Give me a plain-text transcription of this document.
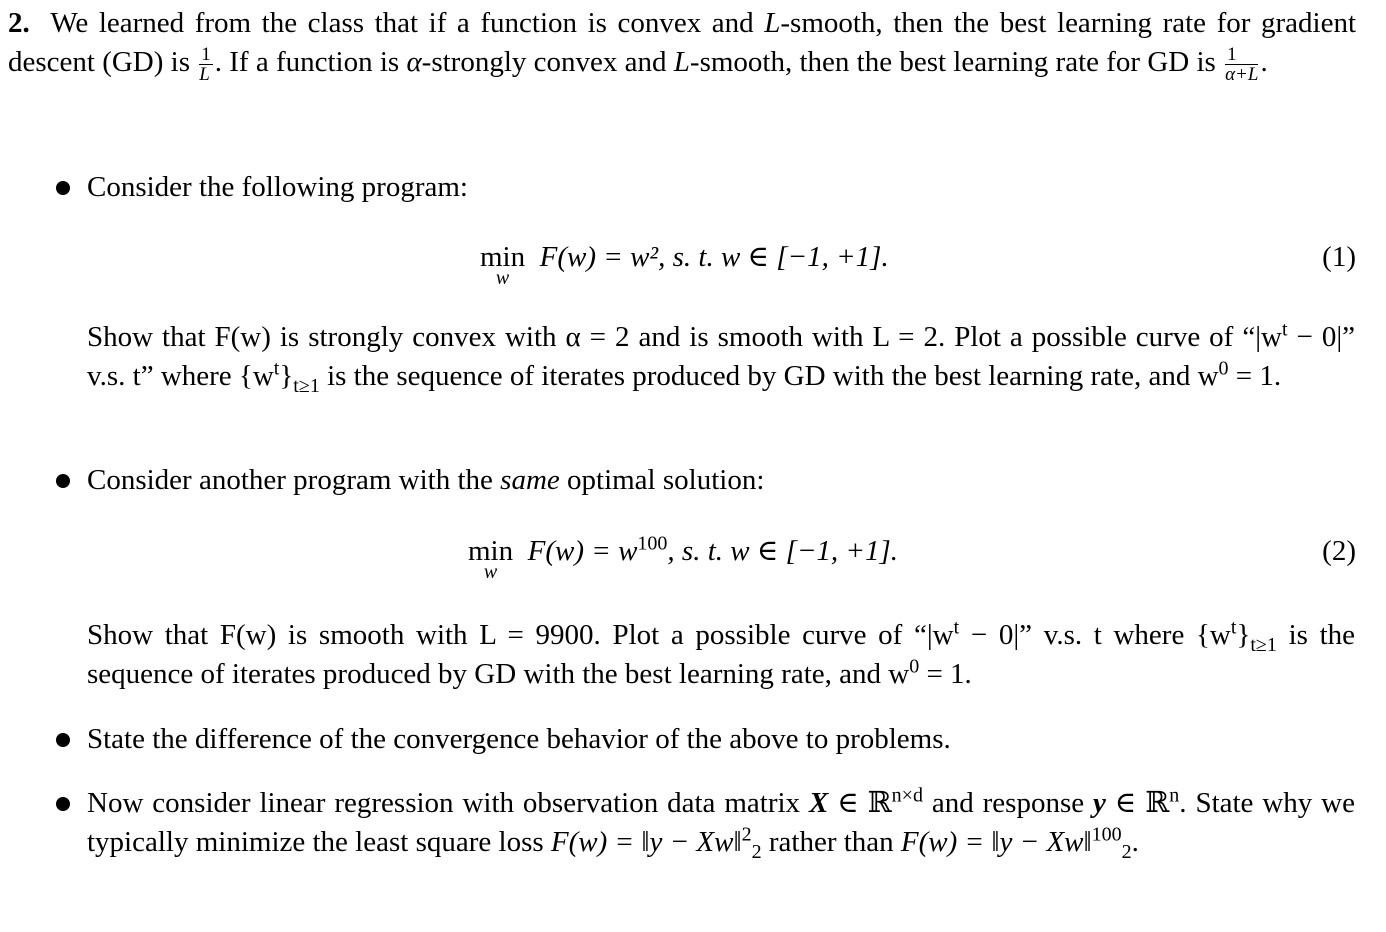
2. We learned from the class that if a function is convex and L-smooth, then the best learning rate for gradient descent (GD) is $\frac{1}{L}$ . If a function is α-strongly convex and L-smooth, then the best learning rate for GD is $\frac{1}{\alpha+L}$ .
Consider the following program:
min
w
F(w) = w², s. t. w ∈ [−1, +1].	(1)
Show that F(w) is strongly convex with α = 2 and is smooth with L = 2. Plot a possible curve of “$|w^t - 0|$” v.s. t” where $\{w^t\}_{t\ge 1}$ is the sequence of iterates produced by GD with the best learning rate, and $w^0 = 1$.
Consider another program with the same optimal solution:
min
w
$F(w) = w^{100}$, s. t. w ∈ [−1, +1].	(2)
Show that F(w) is smooth with L = 9900. Plot a possible curve of “$|w^t - 0|$” v.s. t where $\{w^t\}_{t\ge 1}$ is the sequence of iterates produced by GD with the best learning rate, and $w^0 = 1$.
State the difference of the convergence behavior of the above to problems.
Now consider linear regression with observation data matrix X ∈ ℝ$^{n\times d}$ and response y ∈ ℝ$^n$. State why we typically minimize the least square loss F(w) = ‖y − Xw‖$^2_2$ rather than F(w) = ‖y − Xw‖$^{100}_2$.
